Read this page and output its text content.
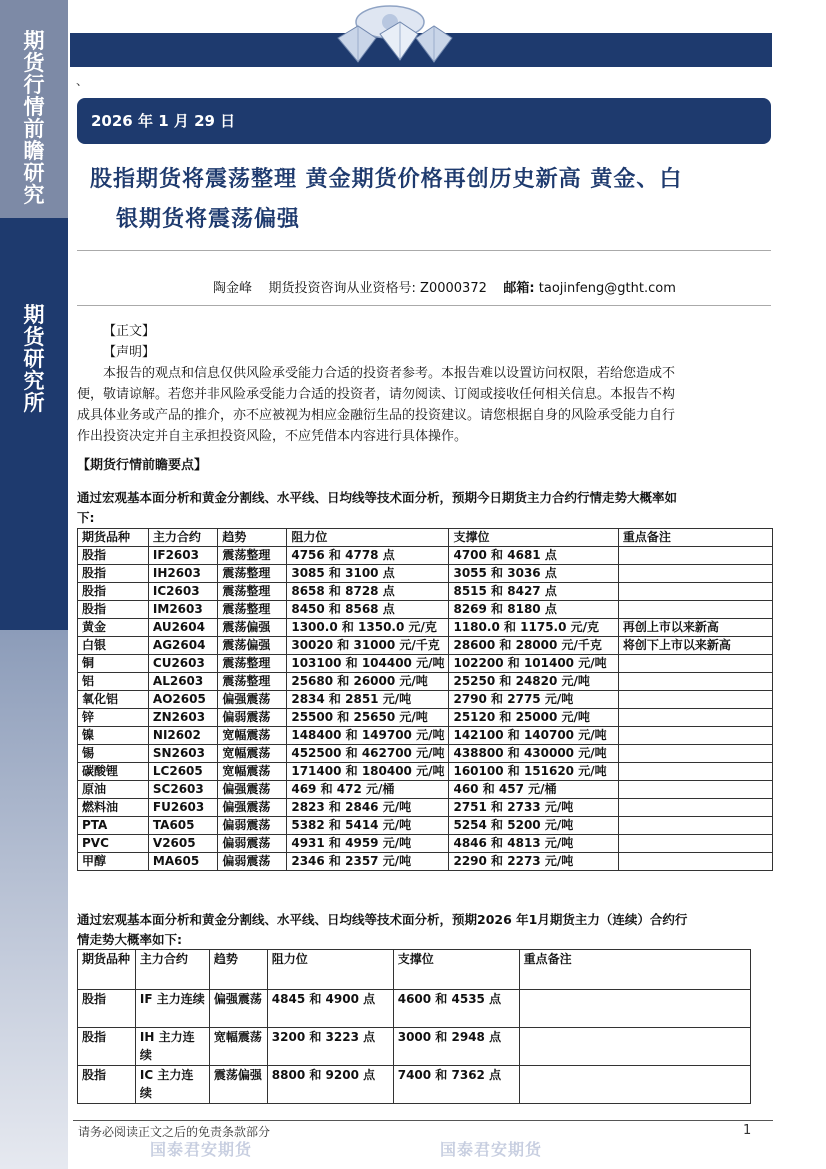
期货行情前瞻研究
期货研究所
、
2026 年 1 月 29 日
股指期货将震荡整理 黄金期货价格再创历史新高 黄金、白
银期货将震荡偏强
陶金峰 期货投资咨询从业资格号: Z0000372 邮箱: taojinfeng@gtht.com
【正文】
【声明】
本报告的观点和信息仅供风险承受能力合适的投资者参考。本报告难以设置访问权限，若给您造成不
便，敬请谅解。若您并非风险承受能力合适的投资者，请勿阅读、订阅或接收任何相关信息。本报告不构
成具体业务或产品的推介，亦不应被视为相应金融衍生品的投资建议。请您根据自身的风险承受能力自行
作出投资决定并自主承担投资风险，不应凭借本内容进行具体操作。
【期货行情前瞻要点】
通过宏观基本面分析和黄金分割线、水平线、日均线等技术面分析，预期今日期货主力合约行情走势大概率如
下:
期货品种	主力合约	趋势	阻力位	支撑位	重点备注
股指	IF2603	震荡整理	4756 和 4778 点	4700 和 4681 点	
股指	IH2603	震荡整理	3085 和 3100 点	3055 和 3036 点	
股指	IC2603	震荡整理	8658 和 8728 点	8515 和 8427 点	
股指	IM2603	震荡整理	8450 和 8568 点	8269 和 8180 点	
黄金	AU2604	震荡偏强	1300.0 和 1350.0 元/克	1180.0 和 1175.0 元/克	再创上市以来新高
白银	AG2604	震荡偏强	30020 和 31000 元/千克	28600 和 28000 元/千克	将创下上市以来新高
铜	CU2603	震荡整理	103100 和 104400 元/吨	102200 和 101400 元/吨	
铝	AL2603	震荡整理	25680 和 26000 元/吨	25250 和 24820 元/吨	
氧化铝	AO2605	偏强震荡	2834 和 2851 元/吨	2790 和 2775 元/吨	
锌	ZN2603	偏弱震荡	25500 和 25650 元/吨	25120 和 25000 元/吨	
镍	NI2602	宽幅震荡	148400 和 149700 元/吨	142100 和 140700 元/吨	
锡	SN2603	宽幅震荡	452500 和 462700 元/吨	438800 和 430000 元/吨	
碳酸锂	LC2605	宽幅震荡	171400 和 180400 元/吨	160100 和 151620 元/吨	
原油	SC2603	偏强震荡	469 和 472 元/桶	460 和 457 元/桶	
燃料油	FU2603	偏强震荡	2823 和 2846 元/吨	2751 和 2733 元/吨	
PTA	TA605	偏弱震荡	5382 和 5414 元/吨	5254 和 5200 元/吨	
PVC	V2605	偏弱震荡	4931 和 4959 元/吨	4846 和 4813 元/吨	
甲醇	MA605	偏弱震荡	2346 和 2357 元/吨	2290 和 2273 元/吨	
通过宏观基本面分析和黄金分割线、水平线、日均线等技术面分析，预期2026 年1月期货主力（连续）合约行
情走势大概率如下:
期货品种	主力合约	趋势	阻力位	支撑位	重点备注
股指	IF 主力连续	偏强震荡	4845 和 4900 点	4600 和 4535 点	
股指	IH 主力连续	宽幅震荡	3200 和 3223 点	3000 和 2948 点	
股指	IC 主力连续	震荡偏强	8800 和 9200 点	7400 和 7362 点	
请务必阅读正文之后的免责条款部分	1
国泰君安期货	国泰君安期货
